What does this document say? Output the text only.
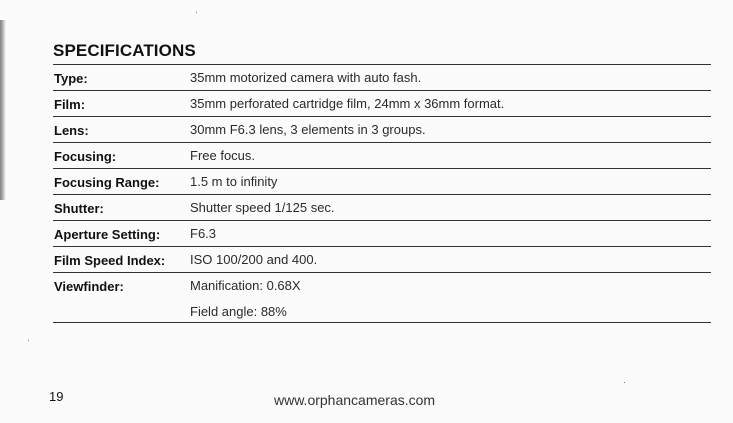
SPECIFICATIONS
Type:	35mm motorized camera with auto fash.
Film:	35mm perforated cartridge film, 24mm x 36mm format.
Lens:	30mm F6.3 lens, 3 elements in 3 groups.
Focusing:	Free focus.
Focusing Range: 1.5 m to infinity
Shutter:	Shutter speed 1/125 sec.
Aperture Setting: F6.3
Film Speed Index: ISO 100/200 and 400.
Viewfinder:	Manification: 0.68X
Field angle: 88%
19	www.orphancameras.com
